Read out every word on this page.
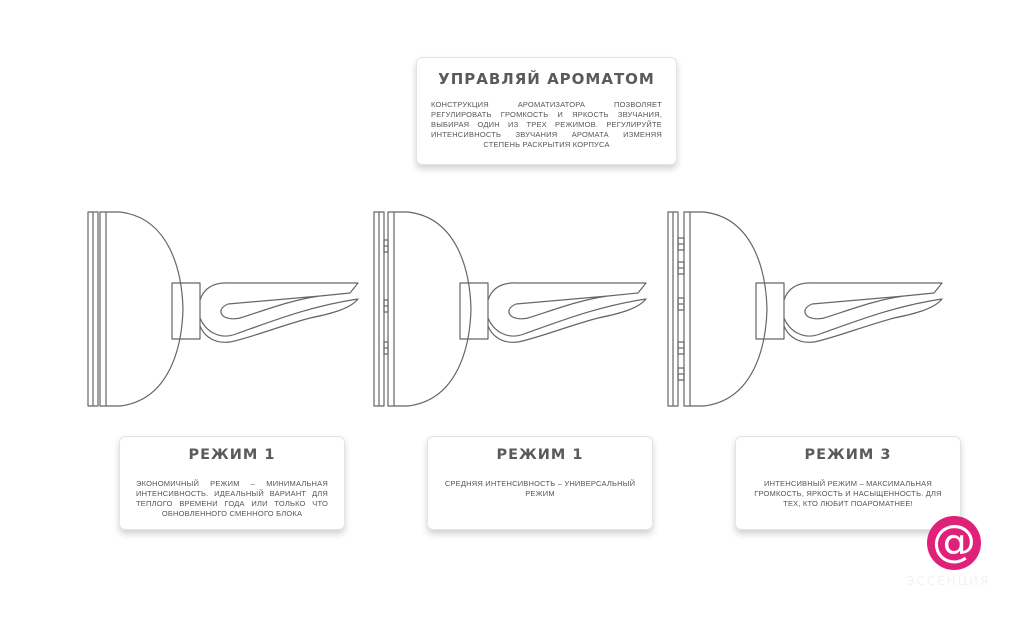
УПРАВЛЯЙ АРОМАТОМ

КОНСТРУКЦИЯ АРОМАТИЗАТОРА ПОЗВОЛЯЕТ РЕГУЛИРОВАТЬ ГРОМКОСТЬ И ЯРКОСТЬ ЗВУЧАНИЯ, ВЫБИРАЯ ОДИН ИЗ ТРЕХ РЕЖИМОВ. РЕГУЛИРУЙТЕ ИНТЕНСИВНОСТЬ ЗВУЧАНИЯ АРОМАТА ИЗМЕНЯЯ СТЕПЕНЬ РАСКРЫТИЯ КОРПУСА

РЕЖИМ 1

ЭКОНОМИЧНЫЙ РЕЖИМ – МИНИМАЛЬНАЯ ИНТЕНСИВНОСТЬ. ИДЕАЛЬНЫЙ ВАРИАНТ ДЛЯ ТЕПЛОГО ВРЕМЕНИ ГОДА ИЛИ ТОЛЬКО ЧТО ОБНОВЛЕННОГО СМЕННОГО БЛОКА

РЕЖИМ 1

СРЕДНЯЯ ИНТЕНСИВНОСТЬ – УНИВЕРСАЛЬНЫЙ РЕЖИМ

РЕЖИМ 3

ИНТЕНСИВНЫЙ РЕЖИМ – МАКСИМАЛЬНАЯ ГРОМКОСТЬ, ЯРКОСТЬ И НАСЫЩЕННОСТЬ. ДЛЯ ТЕХ, КТО ЛЮБИТ ПОАРОМАТНЕЕ!

@
ЭССЕНЦИЯ
